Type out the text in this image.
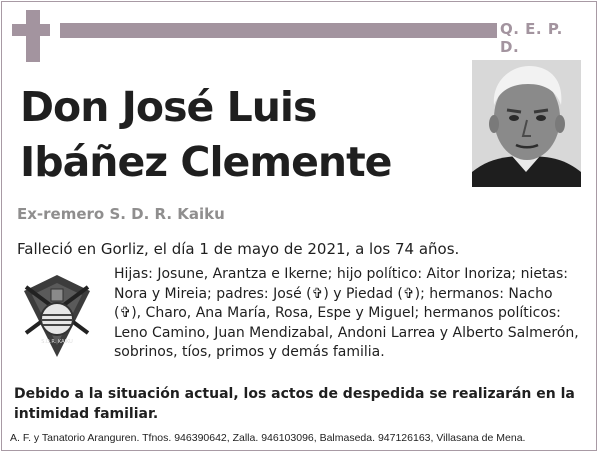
Q. E. P. D.
Don José Luis
Ibáñez Clemente
Ex-remero S. D. R. Kaiku
Falleció en Gorliz, el día 1 de mayo de 2021, a los 74 años.
S.D.R. KAIKU

Hijas: Josune, Arantza e Ikerne; hijo político: Aitor Inoriza; nietas:
Nora y Mireia; padres: José (✞) y Piedad (✞); hermanos: Nacho
(✞), Charo, Ana María, Rosa, Espe y Miguel; hermanos políticos:
Leno Camino, Juan Mendizabal, Andoni Larrea y Alberto Salmerón,
sobrinos, tíos, primos y demás familia.

Debido a la situación actual, los actos de despedida se realizarán en la
intimidad familiar.

A. F. y Tanatorio Aranguren. Tfnos. 946390642, Zalla. 946103096, Balmaseda. 947126163, Villasana de Mena.
